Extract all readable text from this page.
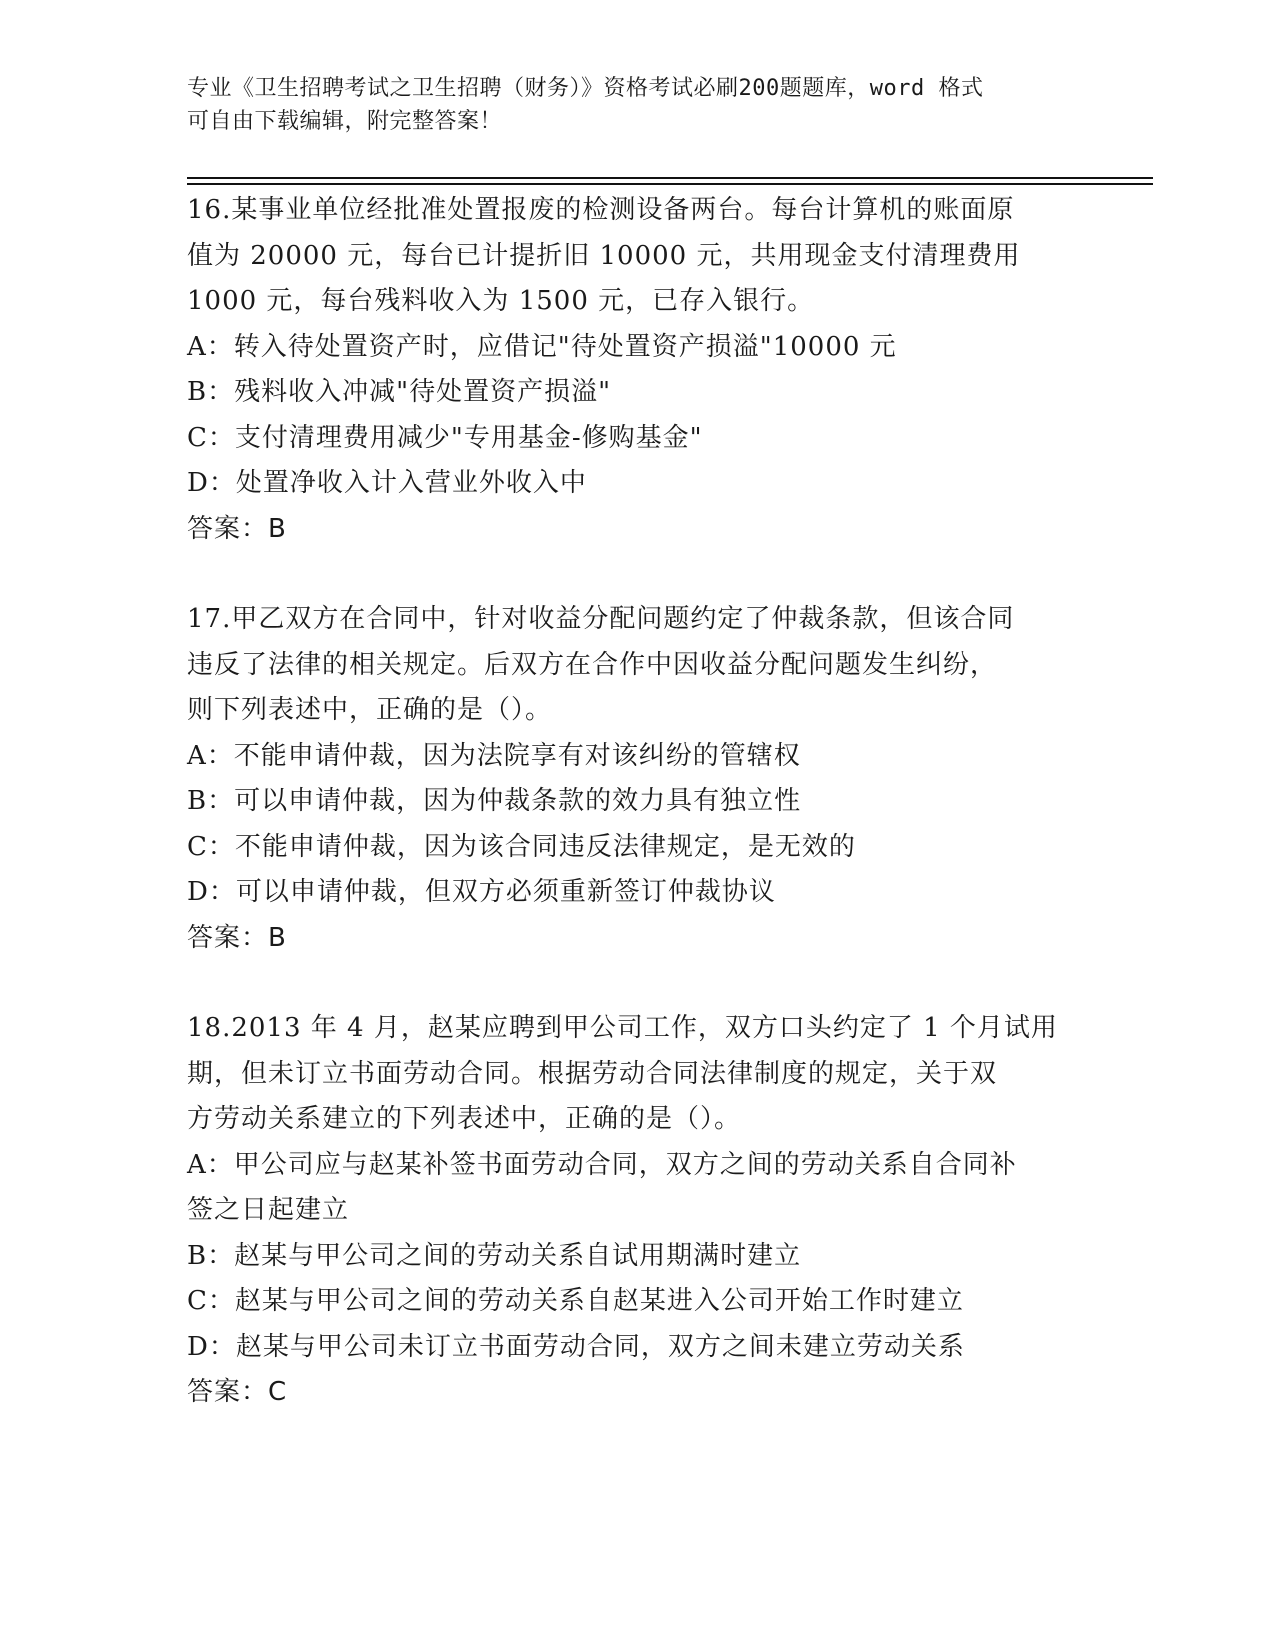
专业《卫生招聘考试之卫生招聘（财务）》资格考试必刷200题题库，word 格式
可自由下载编辑，附完整答案！
16.某事业单位经批准处置报废的检测设备两台。每台计算机的账面原
值为 20000 元，每台已计提折旧 10000 元，共用现金支付清理费用
1000 元，每台残料收入为 1500 元，已存入银行。
A：转入待处置资产时，应借记"待处置资产损溢"10000 元
B：残料收入冲减"待处置资产损溢"
C：支付清理费用减少"专用基金-修购基金"
D：处置净收入计入营业外收入中
答案：B
17.甲乙双方在合同中，针对收益分配问题约定了仲裁条款，但该合同
违反了法律的相关规定。后双方在合作中因收益分配问题发生纠纷，
则下列表述中，正确的是（）。
A：不能申请仲裁，因为法院享有对该纠纷的管辖权
B：可以申请仲裁，因为仲裁条款的效力具有独立性
C：不能申请仲裁，因为该合同违反法律规定，是无效的
D：可以申请仲裁，但双方必须重新签订仲裁协议
答案：B
18.2013 年 4 月，赵某应聘到甲公司工作，双方口头约定了 1 个月试用
期，但未订立书面劳动合同。根据劳动合同法律制度的规定，关于双
方劳动关系建立的下列表述中，正确的是（）。
A：甲公司应与赵某补签书面劳动合同，双方之间的劳动关系自合同补
签之日起建立
B：赵某与甲公司之间的劳动关系自试用期满时建立
C：赵某与甲公司之间的劳动关系自赵某进入公司开始工作时建立
D：赵某与甲公司未订立书面劳动合同，双方之间未建立劳动关系
答案：C
